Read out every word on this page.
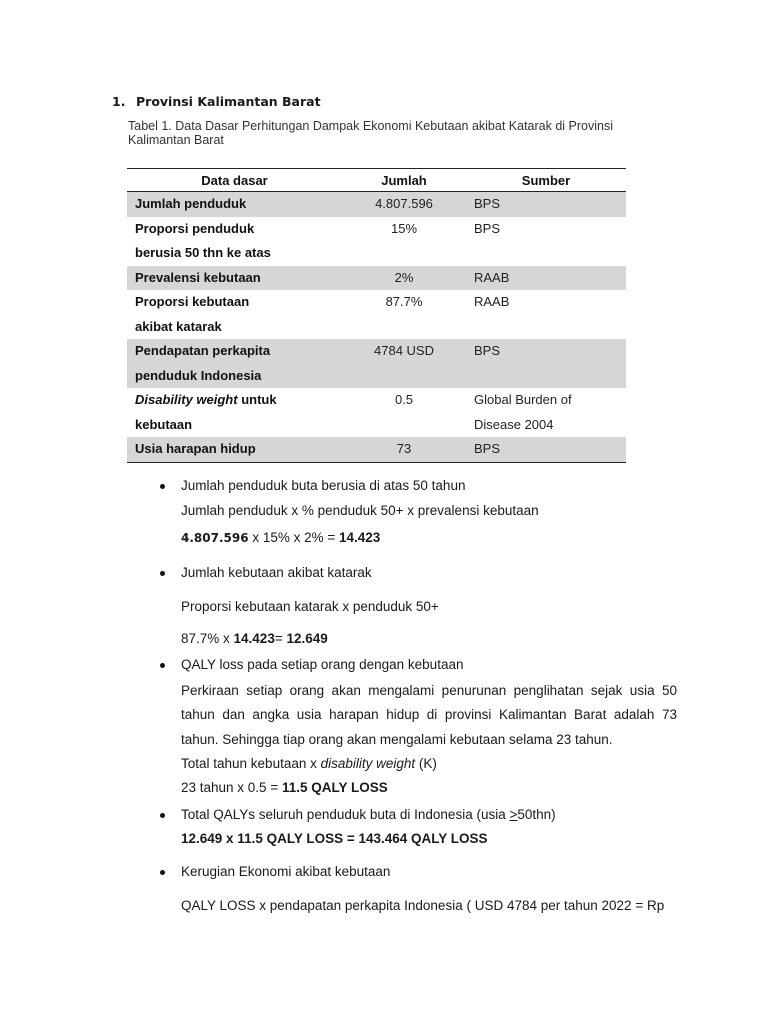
1. Provinsi Kalimantan Barat
Tabel 1. Data Dasar Perhitungan Dampak Ekonomi Kebutaan akibat Katarak di Provinsi Kalimantan Barat
Data dasar	Jumlah	Sumber
Jumlah penduduk	4.807.596	BPS
Proporsi penduduk
berusia 50 thn ke atas	15%	BPS
Prevalensi kebutaan	2%	RAAB
Proporsi kebutaan
akibat katarak	87.7%	RAAB
Pendapatan perkapita
penduduk Indonesia	4784 USD	BPS
Disability weight untuk
kebutaan	0.5	Global Burden of
Disease 2004
Usia harapan hidup	73	BPS
Jumlah penduduk buta berusia di atas 50 tahun
Jumlah penduduk x % penduduk 50+ x prevalensi kebutaan
4.807.596 x 15% x 2% = 14.423
Jumlah kebutaan akibat katarak
Proporsi kebutaan katarak x penduduk 50+
87.7% x 14.423= 12.649
QALY loss pada setiap orang dengan kebutaan
Perkiraan setiap orang akan mengalami penurunan penglihatan sejak usia 50
tahun dan angka usia harapan hidup di provinsi Kalimantan Barat adalah 73
tahun. Sehingga tiap orang akan mengalami kebutaan selama 23 tahun.
Total tahun kebutaan x disability weight (K)
23 tahun x 0.5 = 11.5 QALY LOSS
Total QALYs seluruh penduduk buta di Indonesia (usia >50thn)
12.649 x 11.5 QALY LOSS = 143.464 QALY LOSS
Kerugian Ekonomi akibat kebutaan
QALY LOSS x pendapatan perkapita Indonesia ( USD 4784 per tahun 2022 = Rp
